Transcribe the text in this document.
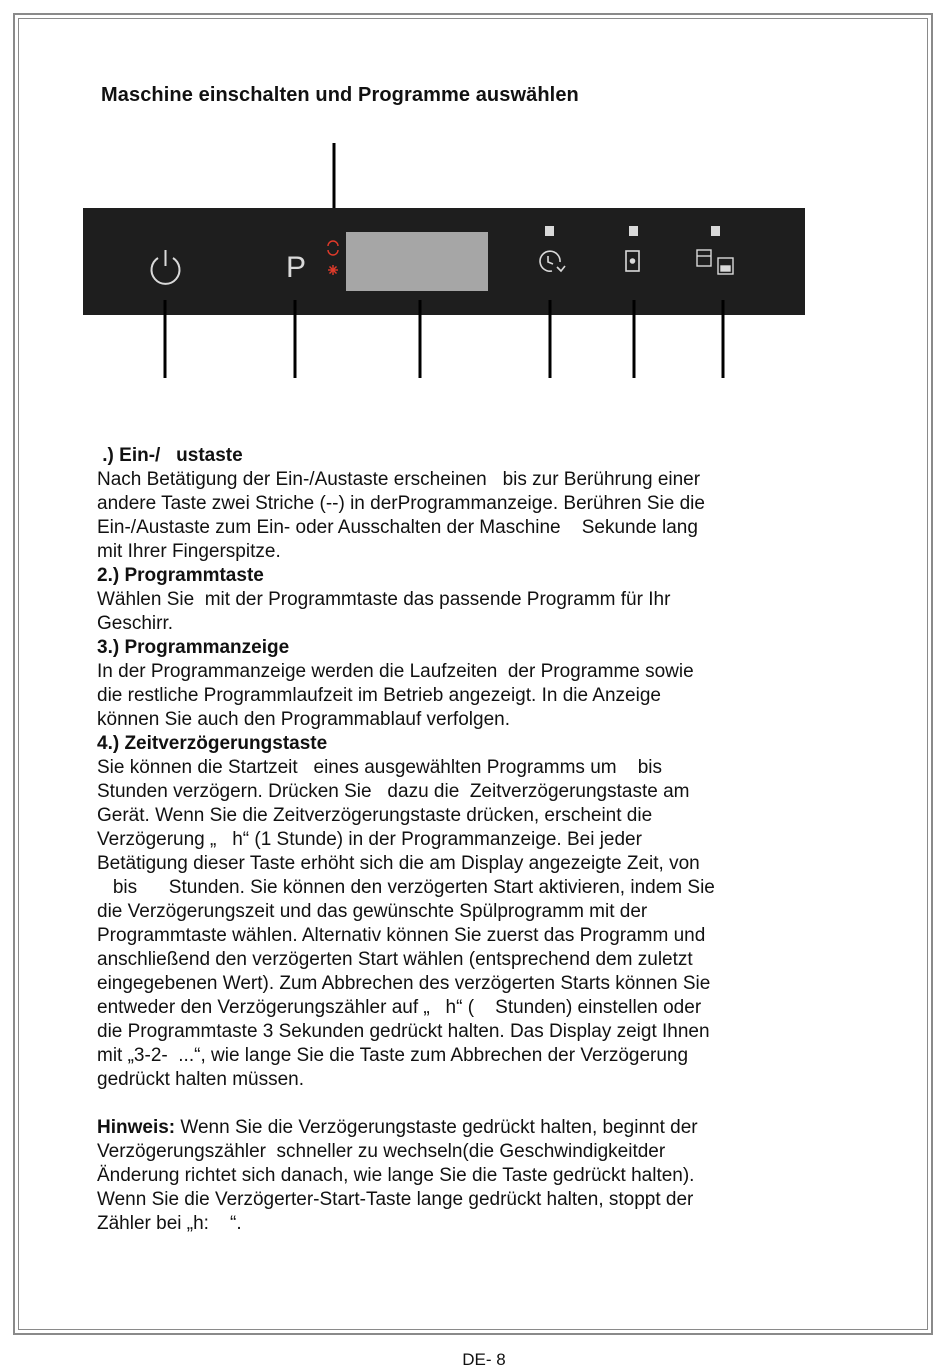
Maschine einschalten und Programme auswählen
P
.) Ein-/   ustaste
Nach Betätigung der Ein-/Austaste erscheinen   bis zur Berührung einer
andere Taste zwei Striche (--) in derProgrammanzeige. Berühren Sie die
Ein-/Austaste zum Ein- oder Ausschalten der Maschine    Sekunde lang
mit Ihrer Fingerspitze.
2.) Programmtaste
Wählen Sie  mit der Programmtaste das passende Programm für Ihr
Geschirr.
3.) Programmanzeige
In der Programmanzeige werden die Laufzeiten  der Programme sowie
die restliche Programmlaufzeit im Betrieb angezeigt. In die Anzeige
können Sie auch den Programmablauf verfolgen.
4.) Zeitverzögerungstaste
Sie können die Startzeit   eines ausgewählten Programms um    bis
Stunden verzögern. Drücken Sie   dazu die  Zeitverzögerungstaste am
Gerät. Wenn Sie die Zeitverzögerungstaste drücken, erscheint die
Verzögerung „   h“ (1 Stunde) in der Programmanzeige. Bei jeder
Betätigung dieser Taste erhöht sich die am Display angezeigte Zeit, von
bis      Stunden. Sie können den verzögerten Start aktivieren, indem Sie
die Verzögerungszeit und das gewünschte Spülprogramm mit der
Programmtaste wählen. Alternativ können Sie zuerst das Programm und
anschließend den verzögerten Start wählen (entsprechend dem zuletzt
eingegebenen Wert). Zum Abbrechen des verzögerten Starts können Sie
entweder den Verzögerungszähler auf „   h“ (    Stunden) einstellen oder
die Programmtaste 3 Sekunden gedrückt halten. Das Display zeigt Ihnen
mit „3-2-  ...“, wie lange Sie die Taste zum Abbrechen der Verzögerung
gedrückt halten müssen.
Hinweis: Wenn Sie die Verzögerungstaste gedrückt halten, beginnt der
Verzögerungszähler  schneller zu wechseln(die Geschwindigkeitder
Änderung richtet sich danach, wie lange Sie die Taste gedrückt halten).
Wenn Sie die Verzögerter-Start-Taste lange gedrückt halten, stoppt der
Zähler bei „h:    “.
DE- 8
